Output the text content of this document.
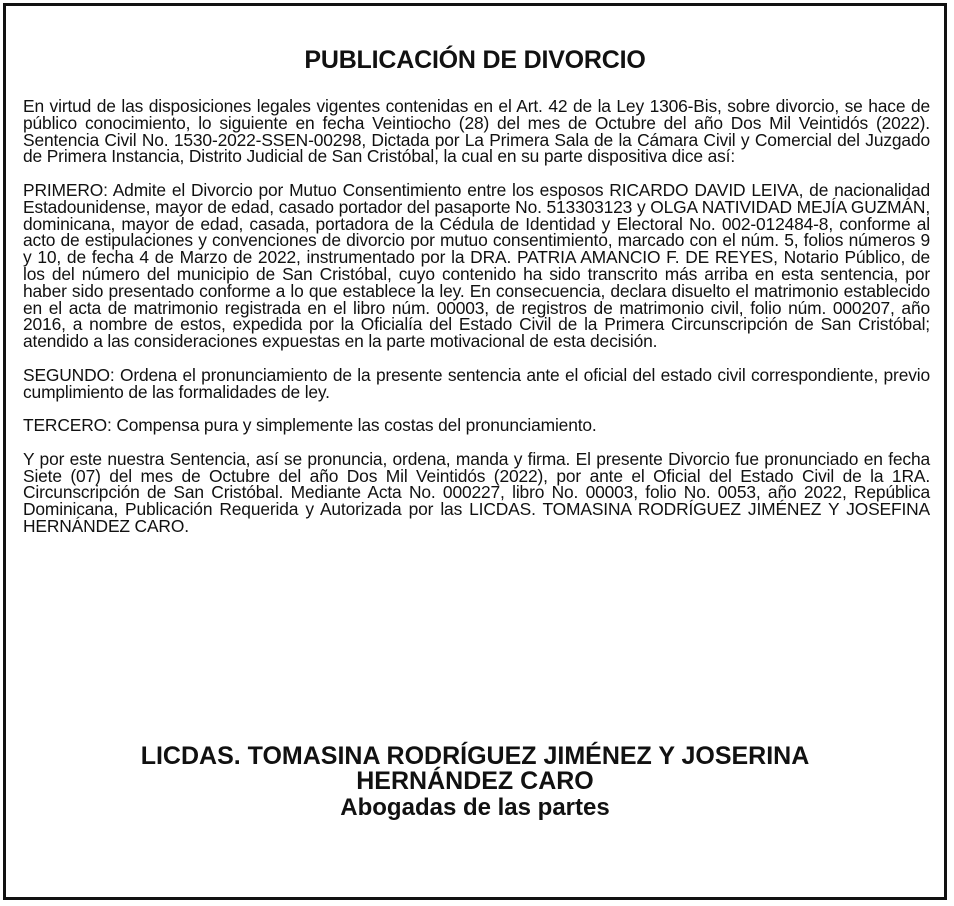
PUBLICACIÓN DE DIVORCIO

En virtud de las disposiciones legales vigentes contenidas en el Art. 42 de la Ley 1306-Bis, sobre divorcio, se hace de público conocimiento, lo siguiente en fecha Veintiocho (28) del mes de Octubre del año Dos Mil Veintidós (2022). Sentencia Civil No. 1530-2022-SSEN-00298, Dictada por La Primera Sala de la Cámara Civil y Comercial del Juzgado de Primera Instancia, Distrito Judicial de San Cristóbal, la cual en su parte dispositiva dice así:

PRIMERO: Admite el Divorcio por Mutuo Consentimiento entre los esposos RICARDO DAVID LEIVA, de nacionalidad Estadounidense, mayor de edad, casado portador del pasaporte No. 513303123 y OLGA NATIVIDAD MEJÍA GUZMÁN, dominicana, mayor de edad, casada, portadora de la Cédula de Identidad y Electoral No. 002-012484-8, conforme al acto de estipulaciones y convenciones de divorcio por mutuo consentimiento, marcado con el núm. 5, folios números 9 y 10, de fecha 4 de Marzo de 2022, instrumentado por la DRA. PATRIA AMANCIO F. DE REYES, Notario Público, de los del número del municipio de San Cristóbal, cuyo contenido ha sido transcrito más arriba en esta sentencia, por haber sido presentado conforme a lo que establece la ley. En consecuencia, declara disuelto el matrimonio establecido en el acta de matrimonio registrada en el libro núm. 00003, de registros de matrimonio civil, folio núm. 000207, año 2016, a nombre de estos, expedida por la Oficialía del Estado Civil de la Primera Circunscripción de San Cristóbal; atendido a las consideraciones expuestas en la parte motivacional de esta decisión.

SEGUNDO: Ordena el pronunciamiento de la presente sentencia ante el oficial del estado civil correspondiente, previo cumplimiento de las formalidades de ley.

TERCERO: Compensa pura y simplemente las costas del pronunciamiento.

Y por este nuestra Sentencia, así se pronuncia, ordena, manda y firma. El presente Divorcio fue pronunciado en fecha Siete (07) del mes de Octubre del año Dos Mil Veintidós (2022), por ante el Oficial del Estado Civil de la 1RA. Circunscripción de San Cristóbal. Mediante Acta No. 000227, libro No. 00003, folio No. 0053, año 2022, República Dominicana, Publicación Requerida y Autorizada por las LICDAS. TOMASINA RODRÍGUEZ JIMÉNEZ Y JOSEFINA HERNÁNDEZ CARO.

LICDAS. TOMASINA RODRÍGUEZ JIMÉNEZ Y JOSERINA HERNÁNDEZ CARO
Abogadas de las partes
